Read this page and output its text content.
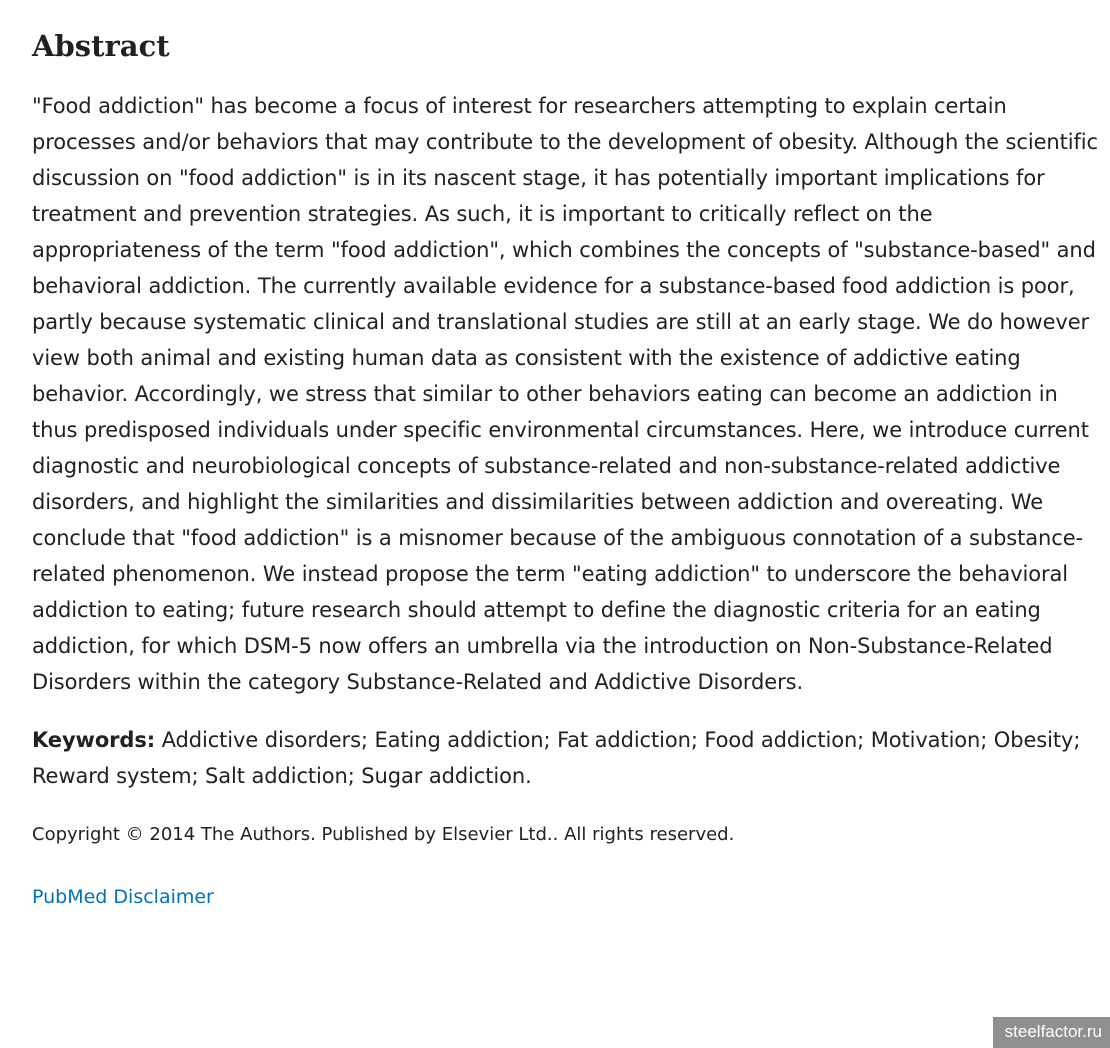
Abstract

"Food addiction" has become a focus of interest for researchers attempting to explain certain processes and/or behaviors that may contribute to the development of obesity. Although the scientific discussion on "food addiction" is in its nascent stage, it has potentially important implications for treatment and prevention strategies. As such, it is important to critically reflect on the appropriateness of the term "food addiction", which combines the concepts of "substance-based" and behavioral addiction. The currently available evidence for a substance-based food addiction is poor, partly because systematic clinical and translational studies are still at an early stage. We do however view both animal and existing human data as consistent with the existence of addictive eating behavior. Accordingly, we stress that similar to other behaviors eating can become an addiction in thus predisposed individuals under specific environmental circumstances. Here, we introduce current diagnostic and neurobiological concepts of substance-related and non-substance-related addictive disorders, and highlight the similarities and dissimilarities between addiction and overeating. We conclude that "food addiction" is a misnomer because of the ambiguous connotation of a substance-related phenomenon. We instead propose the term "eating addiction" to underscore the behavioral addiction to eating; future research should attempt to define the diagnostic criteria for an eating addiction, for which DSM-5 now offers an umbrella via the introduction on Non-Substance-Related Disorders within the category Substance-Related and Addictive Disorders.

Keywords: Addictive disorders; Eating addiction; Fat addiction; Food addiction; Motivation; Obesity; Reward system; Salt addiction; Sugar addiction.

Copyright © 2014 The Authors. Published by Elsevier Ltd.. All rights reserved.

PubMed Disclaimer
steelfactor.ru
